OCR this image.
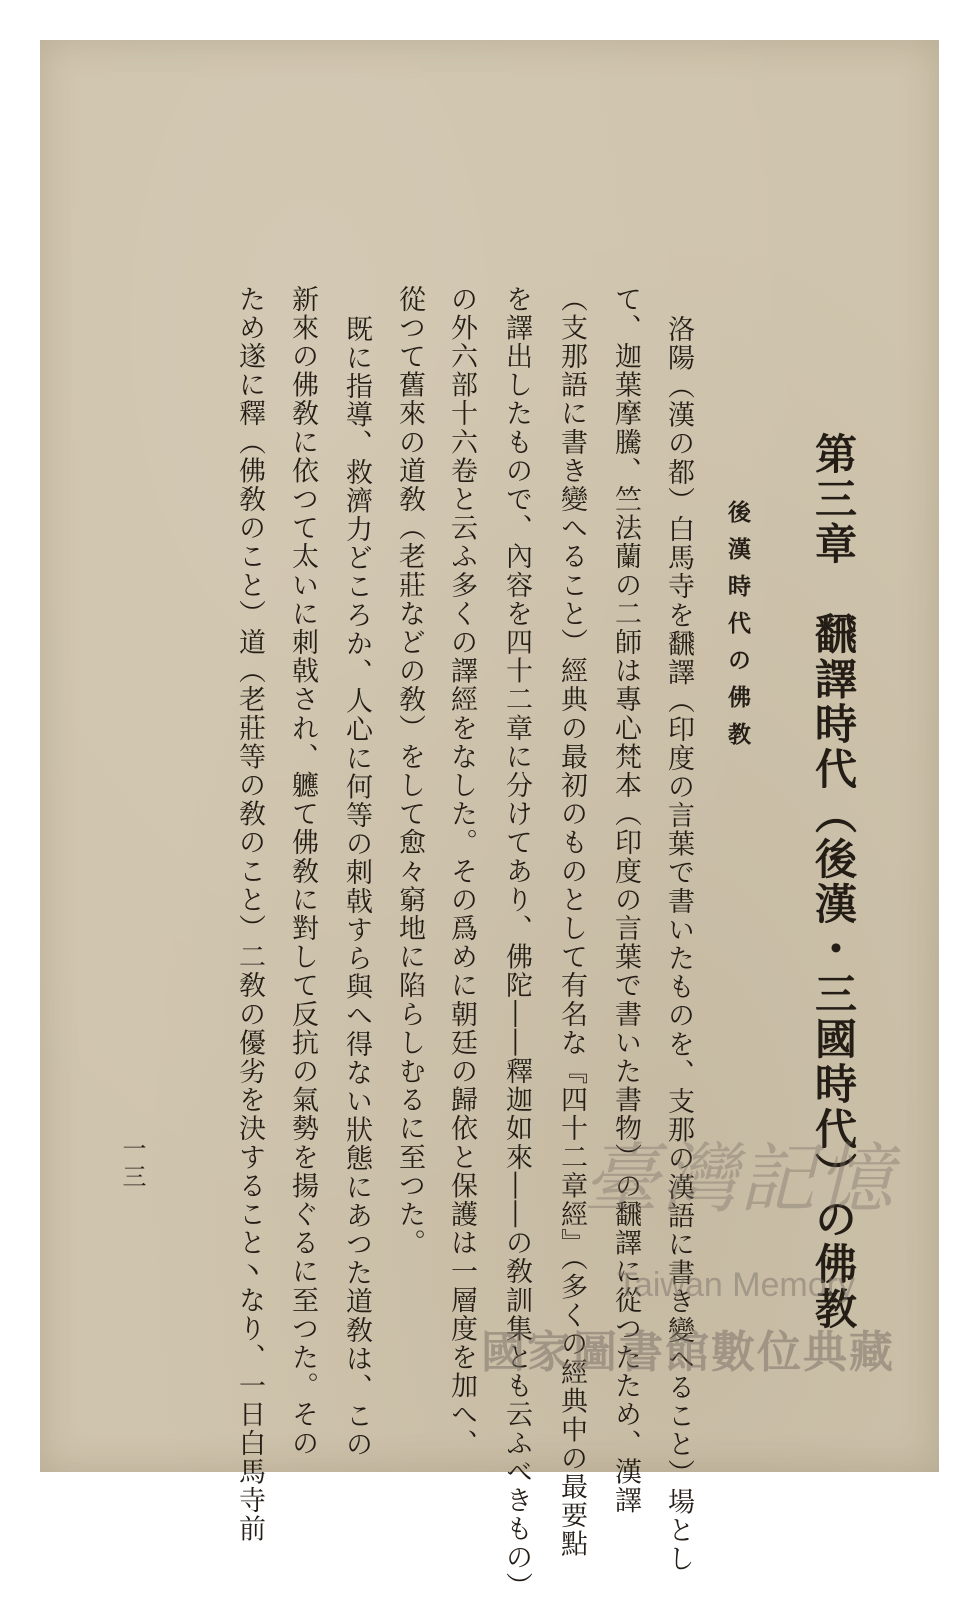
第三章　飜譯時代（後漢・三國時代）の佛教
後漢時代の佛教
洛陽（漢の都）白馬寺を飜譯（印度の言葉で書いたものを、支那の漢語に書き變へること）場とし
て、迦葉摩騰、竺法蘭の二師は專心梵本（印度の言葉で書いた書物）の飜譯に從つたため、漢譯
（支那語に書き變へること）經典の最初のものとして有名な『四十二章經』（多くの經典中の最要點
を譯出したもので、內容を四十二章に分けてあり、佛陀――釋迦如來――の敎訓集とも云ふべきもの）
の外六部十六卷と云ふ多くの譯經をなした。その爲めに朝廷の歸依と保護は一層度を加へ、
從つて舊來の道敎（老莊などの敎）をして愈々窮地に陷らしむるに至つた。
既に指導、救濟力どころか、人心に何等の刺戟すら與へ得ない狀態にあつた道敎は、この
新來の佛敎に依つて太いに刺戟され、軈て佛敎に對して反抗の氣勢を揚ぐるに至つた。その
ため遂に釋（佛敎のこと）道（老莊等の敎のこと）二敎の優劣を決すること丶なり、一日白馬寺前
一三	臺灣記憶
Taiwan Memory
國家圖書館數位典藏
